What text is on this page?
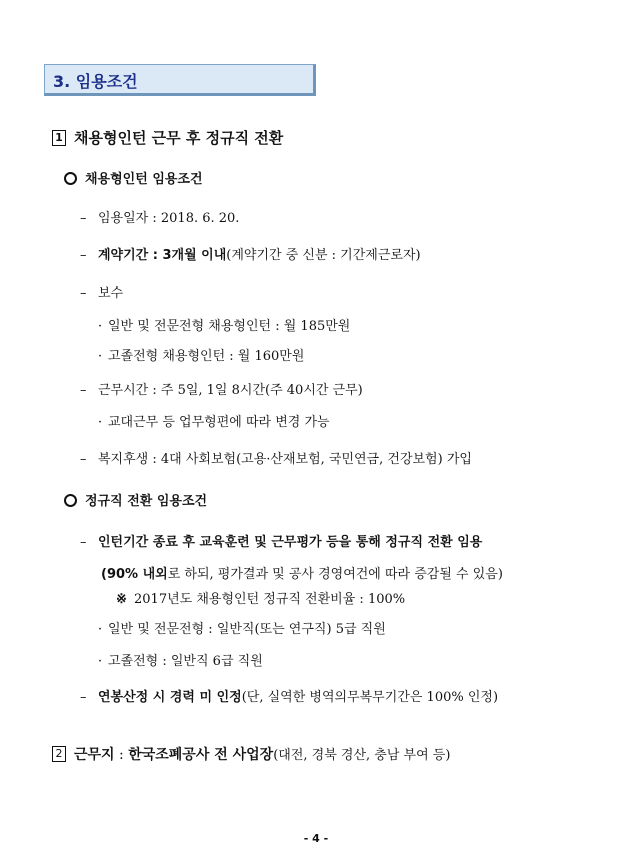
3. 임용조건
1 채용형인턴 근무 후 정규직 전환
채용형인턴 임용조건
– 임용일자 : 2018. 6. 20.
– 계약기간 : 3개월 이내(계약기간 중 신분 : 기간제근로자)
– 보수
· 일반 및 전문전형 채용형인턴 : 월 185만원
· 고졸전형 채용형인턴 : 월 160만원
– 근무시간 : 주 5일, 1일 8시간(주 40시간 근무)
· 교대근무 등 업무형편에 따라 변경 가능
– 복지후생 : 4대 사회보험(고용·산재보험, 국민연금, 건강보험) 가입
정규직 전환 임용조건
– 인턴기간 종료 후 교육훈련 및 근무평가 등을 통해 정규직 전환 임용
(90% 내외로 하되, 평가결과 및 공사 경영여건에 따라 증감될 수 있음)
※ 2017년도 채용형인턴 정규직 전환비율 : 100%
· 일반 및 전문전형 : 일반직(또는 연구직) 5급 직원
· 고졸전형 : 일반직 6급 직원
– 연봉산정 시 경력 미 인정(단, 실역한 병역의무복무기간은 100% 인정)
2 근무지 : 한국조폐공사 전 사업장(대전, 경북 경산, 충남 부여 등)
- 4 -
